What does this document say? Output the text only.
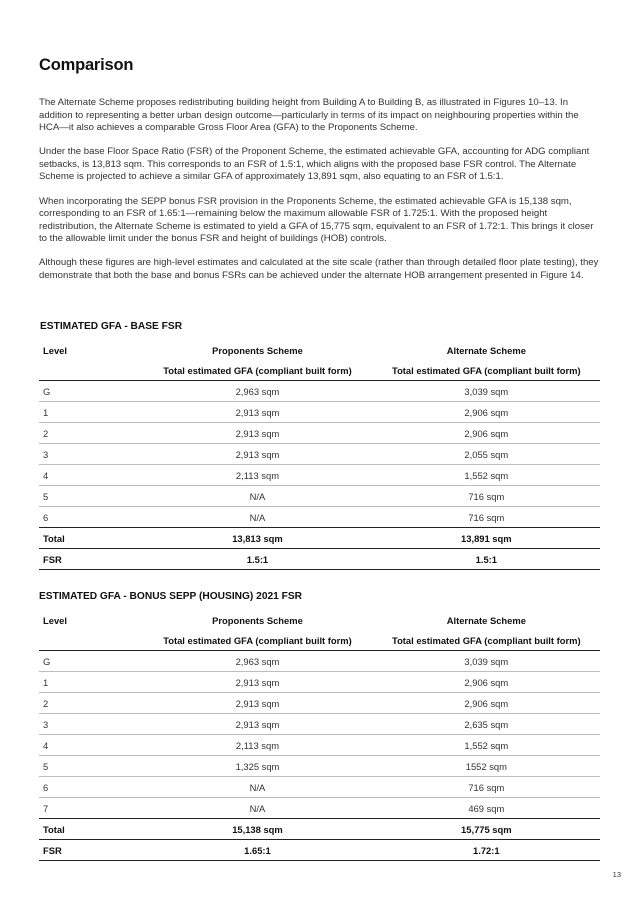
Comparison

The Alternate Scheme proposes redistributing building height from Building A to Building B, as illustrated in Figures 10–13. In addition to representing a better urban design outcome—particularly in terms of its impact on neighbouring properties within the HCA—it also achieves a comparable Gross Floor Area (GFA) to the Proponents Scheme.

Under the base Floor Space Ratio (FSR) of the Proponent Scheme, the estimated achievable GFA, accounting for ADG compliant setbacks, is 13,813 sqm. This corresponds to an FSR of 1.5:1, which aligns with the proposed base FSR control. The Alternate Scheme is projected to achieve a similar GFA of approximately 13,891 sqm, also equating to an FSR of 1.5:1.

When incorporating the SEPP bonus FSR provision in the Proponents Scheme, the estimated achievable GFA is 15,138 sqm, corresponding to an FSR of 1.65:1—remaining below the maximum allowable FSR of 1.725:1. With the proposed height redistribution, the Alternate Scheme is estimated to yield a GFA of 15,775 sqm, equivalent to an FSR of 1.72:1. This brings it closer to the allowable limit under the bonus FSR and height of buildings (HOB) controls.

Although these figures are high-level estimates and calculated at the site scale (rather than through detailed floor plate testing), they demonstrate that both the base and bonus FSRs can be achieved under the alternate HOB arrangement presented in Figure 14.

ESTIMATED GFA - BASE FSR
Level	Proponents Scheme	Alternate Scheme
	Total estimated GFA (compliant built form)	Total estimated GFA (compliant built form)
G	2,963 sqm	3,039 sqm
1	2,913 sqm	2,906 sqm
2	2,913 sqm	2,906 sqm
3	2,913 sqm	2,055 sqm
4	2,113 sqm	1,552 sqm
5	N/A	716 sqm
6	N/A	716 sqm
Total	13,813 sqm	13,891 sqm
FSR	1.5:1	1.5:1
ESTIMATED GFA - BONUS SEPP (HOUSING) 2021 FSR
Level	Proponents Scheme	Alternate Scheme
	Total estimated GFA (compliant built form)	Total estimated GFA (compliant built form)
G	2,963 sqm	3,039 sqm
1	2,913 sqm	2,906 sqm
2	2,913 sqm	2,906 sqm
3	2,913 sqm	2,635 sqm
4	2,113 sqm	1,552 sqm
5	1,325 sqm	1552 sqm
6	N/A	716 sqm
7	N/A	469 sqm
Total	15,138 sqm	15,775 sqm
FSR	1.65:1	1.72:1
13
